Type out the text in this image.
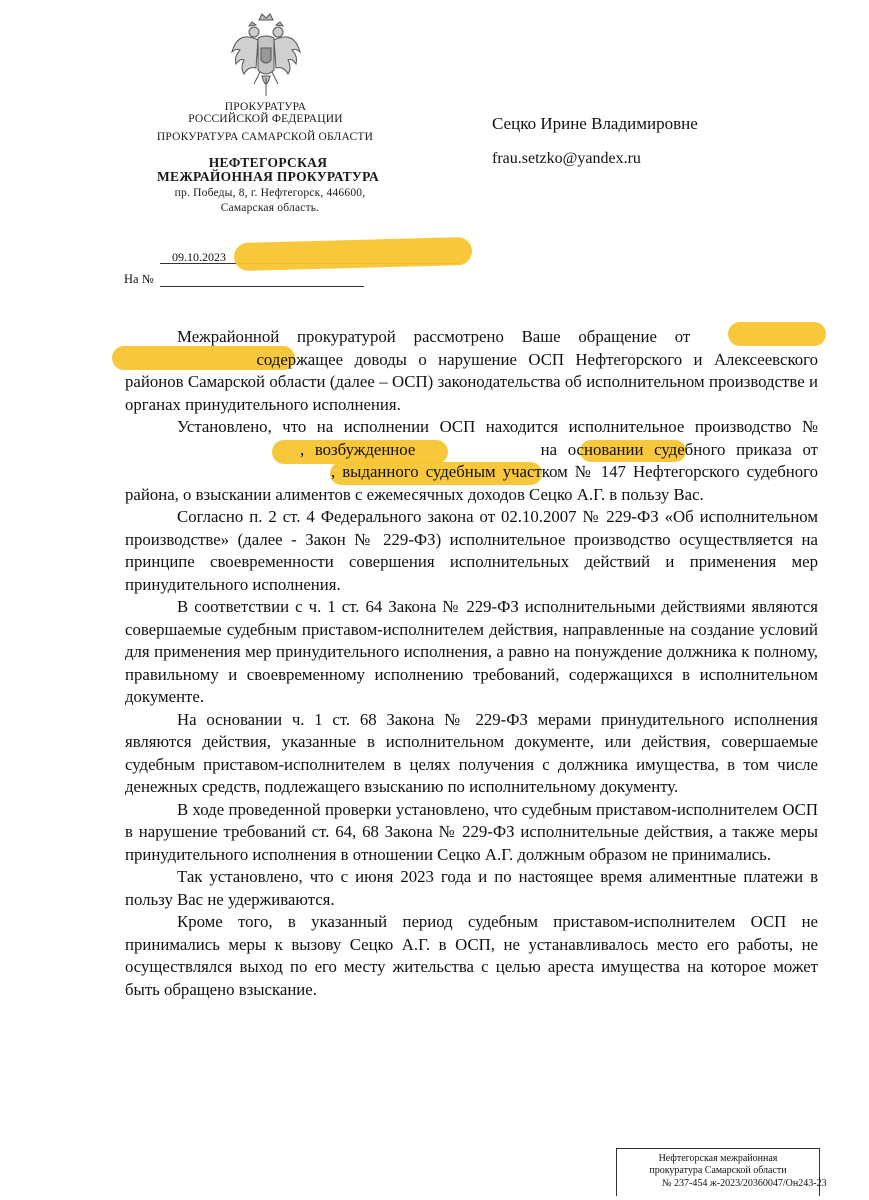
ПРОКУРАТУРА
РОССИЙСКОЙ ФЕДЕРАЦИИ
ПРОКУРАТУРА САМАРСКОЙ ОБЛАСТИ
НЕФТЕГОРСКАЯ
МЕЖРАЙОННАЯ ПРОКУРАТУРА
пр. Победы, 8, г. Нефтегорск, 446600,
Самарская область.
Сецко Ирине Владимировне
frau.setzko@yandex.ru
09.10.2023
На №

Межрайонной прокуратурой рассмотрено Ваше обращение от   содержащее доводы о нарушение ОСП Нефтегорского и Алексеевского районов Самарской области (далее – ОСП) законодательства об исполнительном производстве и органах принудительного исполнения.

Установлено, что на исполнении ОСП находится исполнительное производство №, возбужденное	на основании судебного приказа от , выданного судебным участком № 147 Нефтегорского судебного района, о взыскании алиментов с ежемесячных доходов Сецко А.Г. в пользу Вас.

Согласно п. 2 ст. 4 Федерального закона от 02.10.2007 № 229-ФЗ «Об исполнительном производстве» (далее - Закон № 229-ФЗ) исполнительное производство осуществляется на принципе своевременности совершения исполнительных действий и применения мер принудительного исполнения.

В соответствии с ч. 1 ст. 64 Закона № 229-ФЗ исполнительными действиями являются совершаемые судебным приставом-исполнителем действия, направленные на создание условий для применения мер принудительного исполнения, а равно на понуждение должника к полному, правильному и своевременному исполнению требований, содержащихся в исполнительном документе.

На основании ч. 1 ст. 68 Закона № 229-ФЗ мерами принудительного исполнения являются действия, указанные в исполнительном документе, или действия, совершаемые судебным приставом-исполнителем в целях получения с должника имущества, в том числе денежных средств, подлежащего взысканию по исполнительному документу.

В ходе проведенной проверки установлено, что судебным приставом-исполнителем ОСП в нарушение требований ст. 64, 68 Закона № 229-ФЗ исполнительные действия, а также меры принудительного исполнения в отношении Сецко А.Г. должным образом не принимались.

Так установлено, что с июня 2023 года и по настоящее время алиментные платежи в пользу Вас не удерживаются.

Кроме того, в указанный период судебным приставом-исполнителем ОСП не принимались меры к вызову Сецко А.Г. в ОСП, не устанавливалось место его работы, не осуществлялся выход по его месту жительства с целью ареста имущества на которое может быть обращено взыскание.

Нефтегорская межрайонная
прокуратура Самарской области
№ 237-454 ж-2023/20360047/Он243-23
